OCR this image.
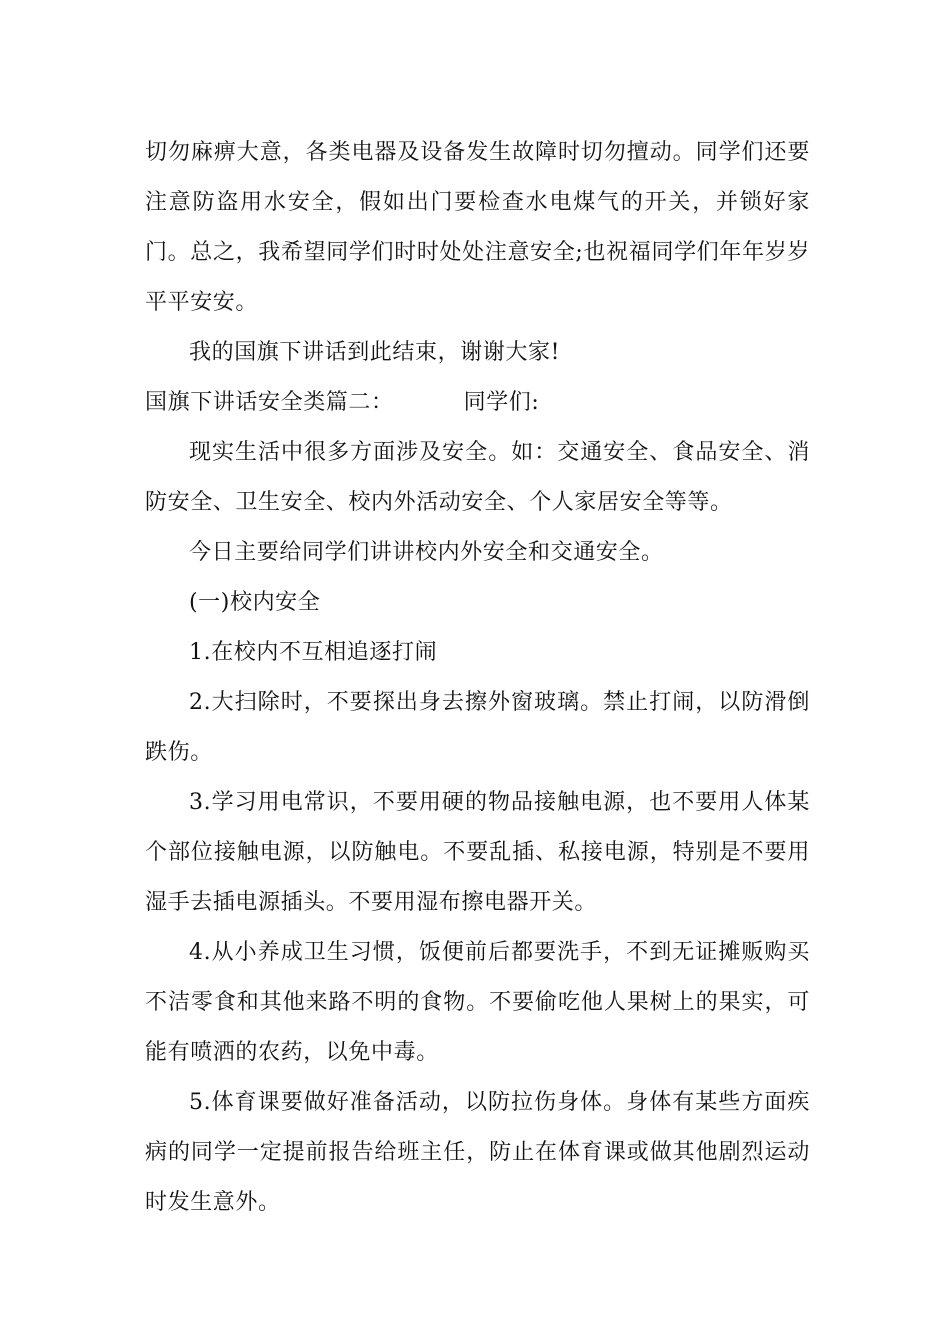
切勿麻痹大意，各类电器及设备发生故障时切勿擅动。同学们还要注意防盗用水安全，假如出门要检查水电煤气的开关，并锁好家门。总之，我希望同学们时时处处注意安全;也祝福同学们年年岁岁平平安安。

我的国旗下讲话到此结束，谢谢大家!

国旗下讲话安全类篇二：	同学们:

现实生活中很多方面涉及安全。如：交通安全、食品安全、消防安全、卫生安全、校内外活动安全、个人家居安全等等。

今日主要给同学们讲讲校内外安全和交通安全。

(一)校内安全

1.在校内不互相追逐打闹

2.大扫除时，不要探出身去擦外窗玻璃。禁止打闹，以防滑倒跌伤。

3.学习用电常识，不要用硬的物品接触电源，也不要用人体某个部位接触电源，以防触电。不要乱插、私接电源，特别是不要用湿手去插电源插头。不要用湿布擦电器开关。

4.从小养成卫生习惯，饭便前后都要洗手，不到无证摊贩购买不洁零食和其他来路不明的食物。不要偷吃他人果树上的果实，可能有喷洒的农药，以免中毒。

5.体育课要做好准备活动，以防拉伤身体。身体有某些方面疾病的同学一定提前报告给班主任，防止在体育课或做其他剧烈运动时发生意外。
